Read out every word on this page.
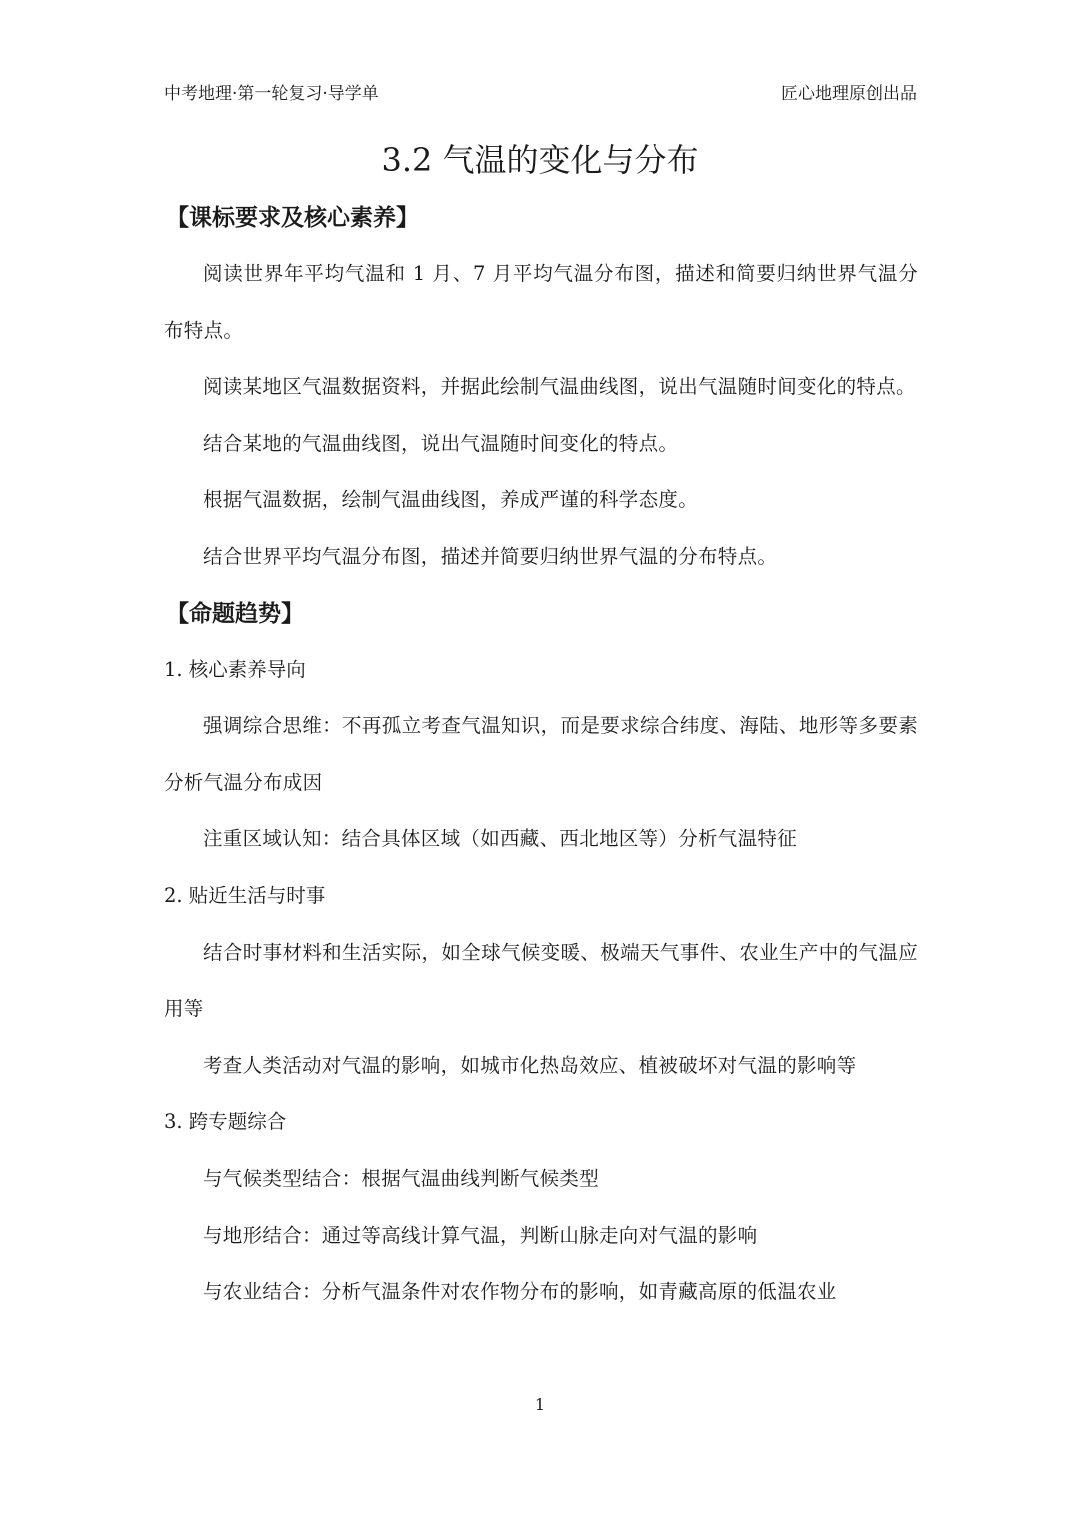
中考地理·第一轮复习·导学单	匠心地理原创出品
3.2 气温的变化与分布
【课标要求及核心素养】
阅读世界年平均气温和 1 月、7 月平均气温分布图，描述和简要归纳世界气温分布特点。
阅读某地区气温数据资料，并据此绘制气温曲线图，说出气温随时间变化的特点。
结合某地的气温曲线图，说出气温随时间变化的特点。
根据气温数据，绘制气温曲线图，养成严谨的科学态度。
结合世界平均气温分布图，描述并简要归纳世界气温的分布特点。
【命题趋势】
1. 核心素养导向
强调综合思维：不再孤立考查气温知识，而是要求综合纬度、海陆、地形等多要素分析气温分布成因
注重区域认知：结合具体区域（如西藏、西北地区等）分析气温特征
2. 贴近生活与时事
结合时事材料和生活实际，如全球气候变暖、极端天气事件、农业生产中的气温应用等
考查人类活动对气温的影响，如城市化热岛效应、植被破坏对气温的影响等
3. 跨专题综合
与气候类型结合：根据气温曲线判断气候类型
与地形结合：通过等高线计算气温，判断山脉走向对气温的影响
与农业结合：分析气温条件对农作物分布的影响，如青藏高原的低温农业
1
